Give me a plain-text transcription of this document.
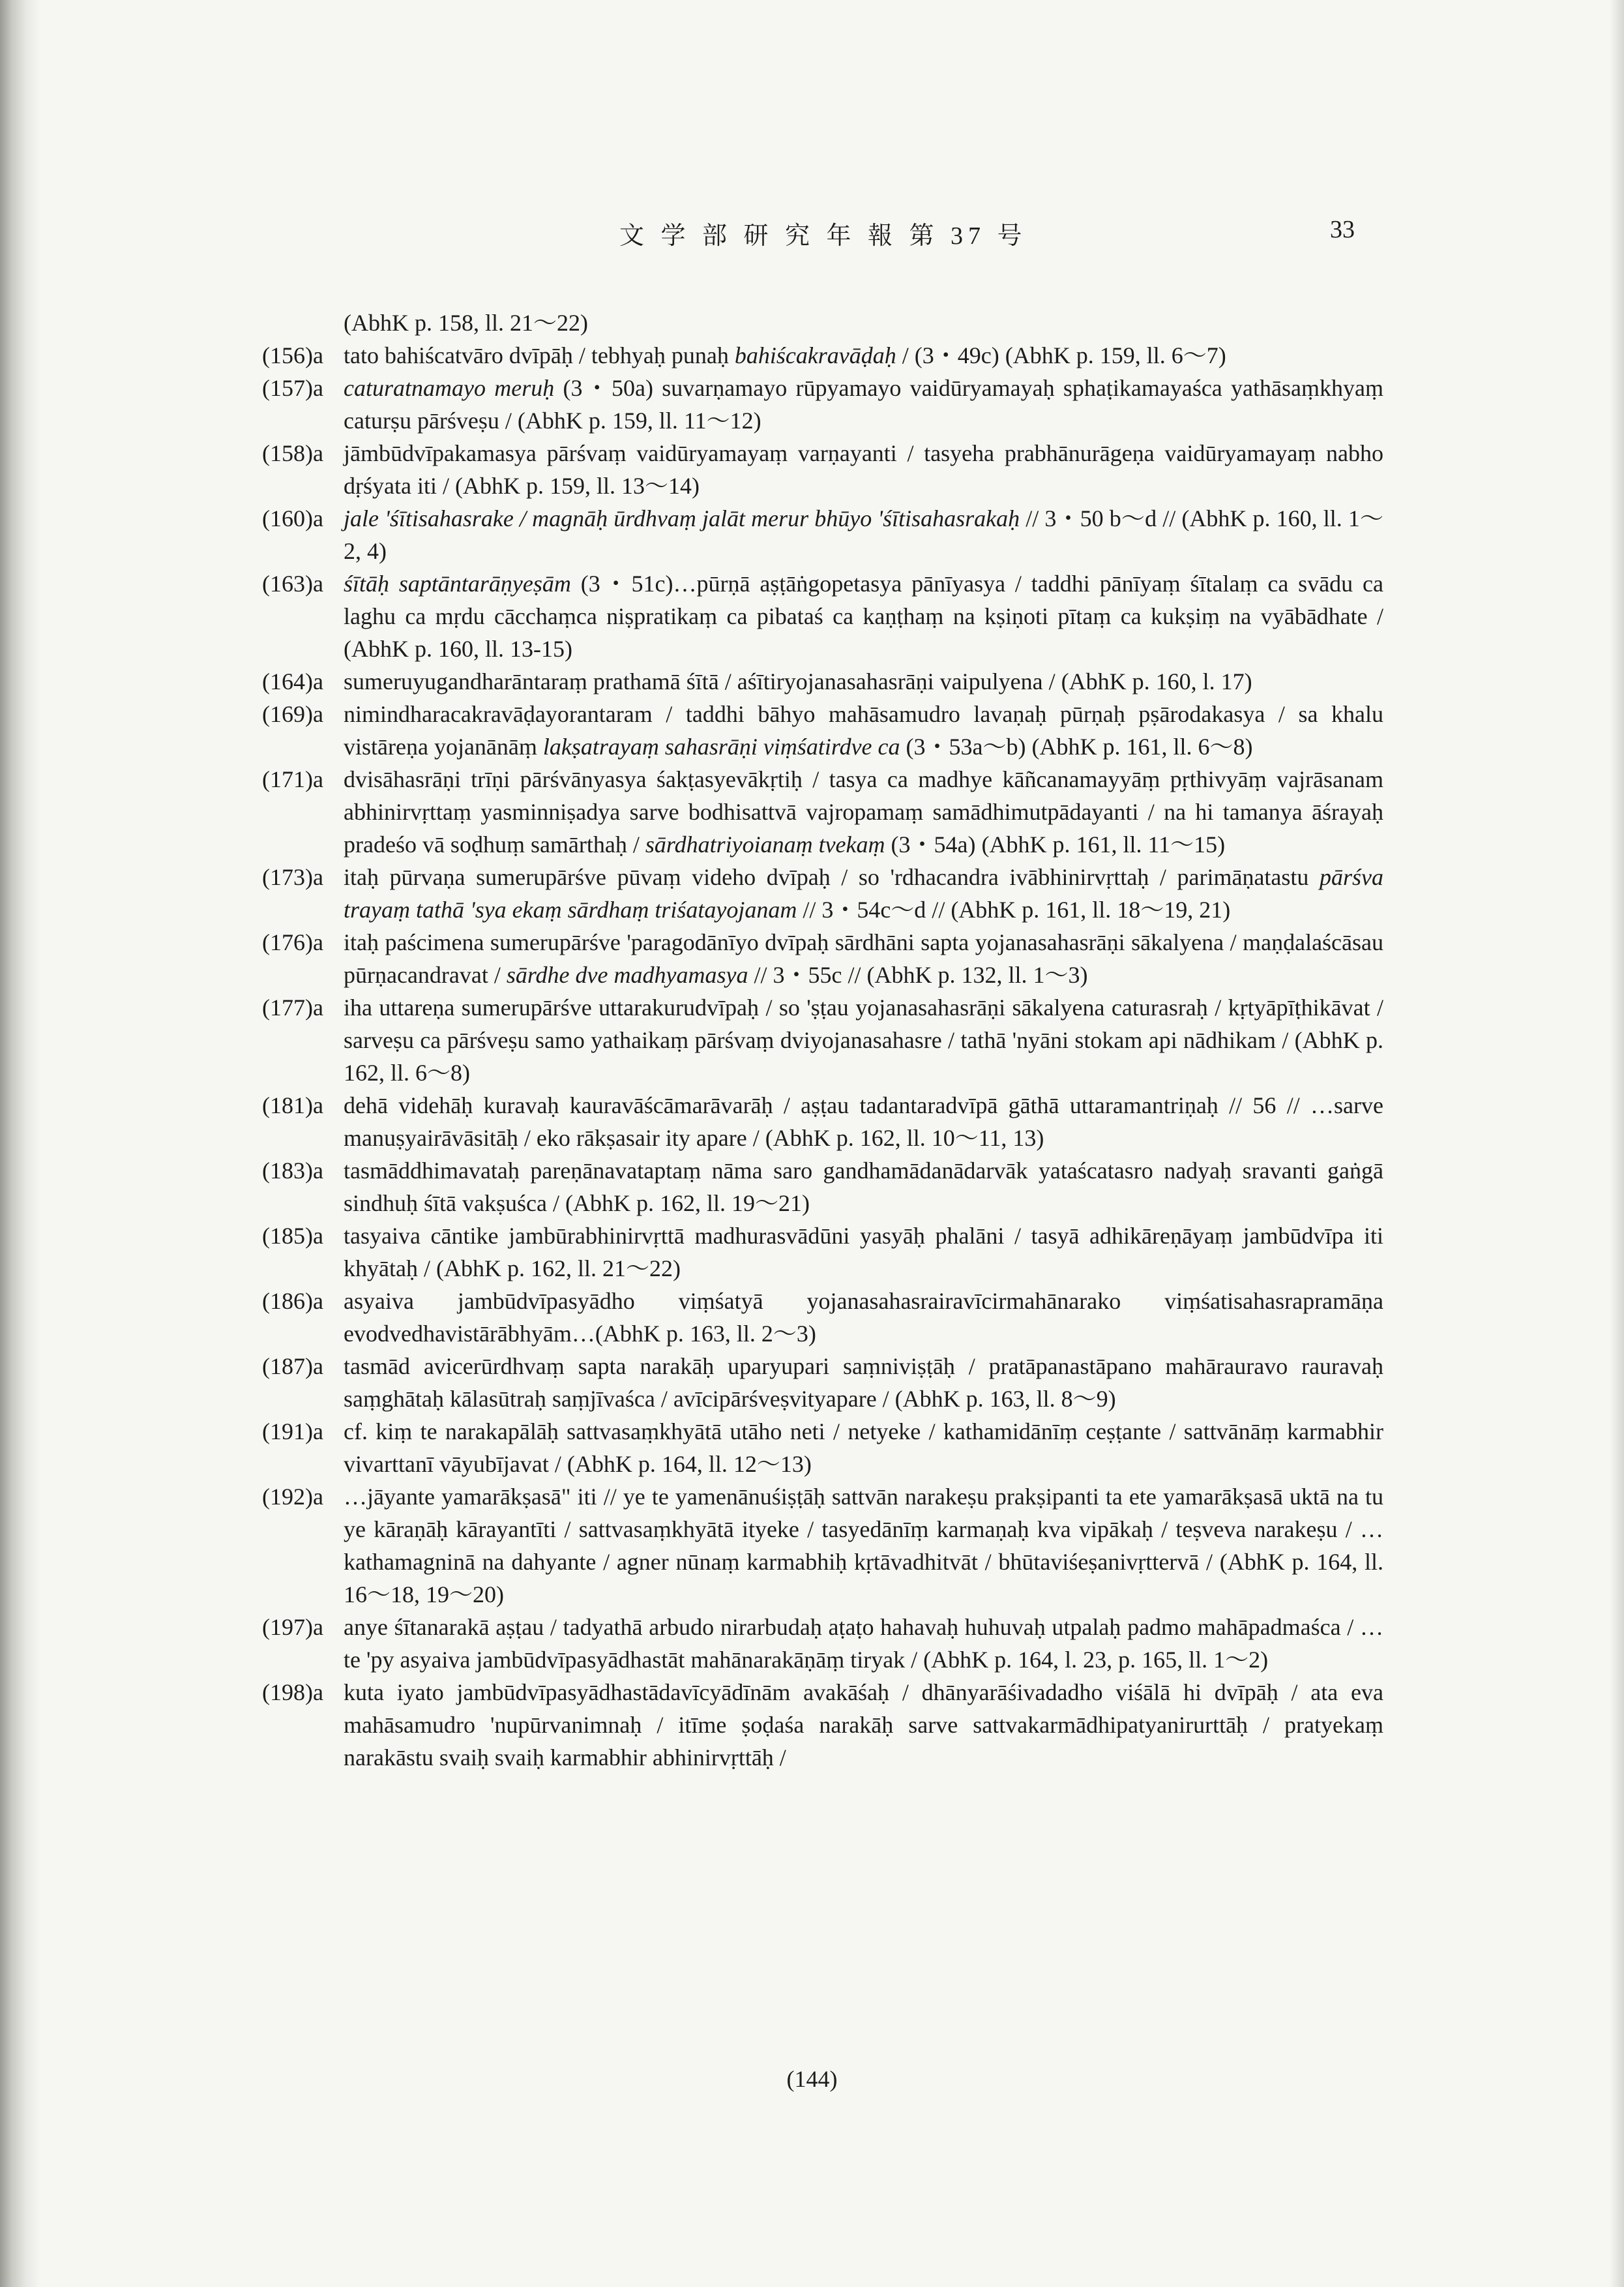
文 学 部 研 究 年 報 第 37 号	33
(AbhK p. 158, ll. 21～22)
(156)a tato bahiścatvāro dvīpāḥ / tebhyaḥ punaḥ bahiścakravāḍaḥ / (3・49c) (AbhK p. 159, ll. 6～7)
(157)a caturatnamayo meruḥ (3・50a) suvarṇamayo rūpyamayo vaidūryamayaḥ sphaṭikamayaśca yathāsaṃkhyaṃ caturṣu pārśveṣu / (AbhK p. 159, ll. 11～12)
(158)a jāmbūdvīpakamasya pārśvaṃ vaidūryamayaṃ varṇayanti / tasyeha prabhānurāgeṇa vaidūryamayaṃ nabho dṛśyata iti / (AbhK p. 159, ll. 13～14)
(160)a jale 'śītisahasrake / magnāḥ ūrdhvaṃ jalāt merur bhūyo 'śītisahasrakaḥ // 3・50 b～d // (AbhK p. 160, ll. 1～2, 4)
(163)a śītāḥ saptāntarāṇyeṣām (3・51c)…pūrṇā aṣṭāṅgopetasya pānīyasya / taddhi pānīyaṃ śītalaṃ ca svādu ca laghu ca mṛdu cācchaṃca niṣpratikaṃ ca pibataś ca kaṇṭhaṃ na kṣiṇoti pītaṃ ca kukṣiṃ na vyābādhate / (AbhK p. 160, ll. 13-15)
(164)a sumeruyugandharāntaraṃ prathamā śītā / aśītiryojanasahasrāṇi vaipulyena / (AbhK p. 160, l. 17)
(169)a nimindharacakravāḍayorantaram / taddhi bāhyo mahāsamudro lavaṇaḥ pūrṇaḥ pṣārodakasya / sa khalu vistāreṇa yojanānāṃ lakṣatrayaṃ sahasrāṇi viṃśatirdve ca (3・53a～b) (AbhK p. 161, ll. 6～8)
(171)a dvisāhasrāṇi trīṇi pārśvānyasya śakṭasyevākṛtiḥ / tasya ca madhye kāñcanamayyāṃ pṛthivyāṃ vajrāsanam abhinirvṛttaṃ yasminniṣadya sarve bodhisattvā vajropamaṃ samādhimutpādayanti / na hi tamanya āśrayaḥ pradeśo vā soḍhuṃ samārthaḥ / sārdhatriyoianaṃ tvekaṃ (3・54a) (AbhK p. 161, ll. 11～15)
(173)a itaḥ pūrvaṇa sumerupārśve pūvaṃ videho dvīpaḥ / so 'rdhacandra ivābhinirvṛttaḥ / parimāṇatastu pārśva trayaṃ tathā 'sya ekaṃ sārdhaṃ triśatayojanam // 3・54c～d // (AbhK p. 161, ll. 18～19, 21)
(176)a itaḥ paścimena sumerupārśve 'paragodānīyo dvīpaḥ sārdhāni sapta yojanasahasrāṇi sākalyena / maṇḍalaścāsau pūrṇacandravat / sārdhe dve madhyamasya // 3・55c // (AbhK p. 132, ll. 1～3)
(177)a iha uttareṇa sumerupārśve uttarakurudvīpaḥ / so 'ṣṭau yojanasahasrāṇi sākalyena caturasraḥ / kṛtyāpīṭhikāvat / sarveṣu ca pārśveṣu samo yathaikaṃ pārśvaṃ dviyojanasahasre / tathā 'nyāni stokam api nādhikam / (AbhK p. 162, ll. 6～8)
(181)a dehā videhāḥ kuravaḥ kauravāścāmarāvarāḥ / aṣṭau tadantaradvīpā gāthā uttaramantriṇaḥ // 56 // …sarve manuṣyairāvāsitāḥ / eko rākṣasair ity apare / (AbhK p. 162, ll. 10～11, 13)
(183)a tasmāddhimavataḥ pareṇānavataptaṃ nāma saro gandhamādanādarvāk yataścatasro nadyaḥ sravanti gaṅgā sindhuḥ śītā vakṣuśca / (AbhK p. 162, ll. 19～21)
(185)a tasyaiva cāntike jambūrabhinirvṛttā madhurasvādūni yasyāḥ phalāni / tasyā adhikāreṇāyaṃ jambūdvīpa iti khyātaḥ / (AbhK p. 162, ll. 21～22)
(186)a asyaiva jambūdvīpasyādho viṃśatyā yojanasahasrairavīcirmahānarako viṃśatisahasrapramāṇa evodvedhavistārābhyām…(AbhK p. 163, ll. 2～3)
(187)a tasmād avicerūrdhvaṃ sapta narakāḥ uparyupari saṃniviṣṭāḥ / pratāpanastāpano mahārauravo rauravaḥ saṃghātaḥ kālasūtraḥ saṃjīvaśca / avīcipārśveṣvityapare / (AbhK p. 163, ll. 8～9)
(191)a cf. kiṃ te narakapālāḥ sattvasaṃkhyātā utāho neti / netyeke / kathamidānīṃ ceṣṭante / sattvānāṃ karmabhir vivarttanī vāyubījavat / (AbhK p. 164, ll. 12～13)
(192)a …jāyante yamarākṣasā" iti // ye te yamenānuśiṣṭāḥ sattvān narakeṣu prakṣipanti ta ete yamarākṣasā uktā na tu ye kāraṇāḥ kārayantīti / sattvasaṃkhyātā ityeke / tasyedānīṃ karmaṇaḥ kva vipākaḥ / teṣveva narakeṣu / …kathamagninā na dahyante / agner nūnaṃ karmabhiḥ kṛtāvadhitvāt / bhūtaviśeṣanivṛttervā / (AbhK p. 164, ll. 16～18, 19～20)
(197)a anye śītanarakā aṣṭau / tadyathā arbudo nirarbudaḥ aṭaṭo hahavaḥ huhuvaḥ utpalaḥ padmo mahāpadmaśca / …te 'py asyaiva jambūdvīpasyādhastāt mahānarakāṇāṃ tiryak / (AbhK p. 164, l. 23, p. 165, ll. 1～2)
(198)a kuta iyato jambūdvīpasyādhastādavīcyādīnām avakāśaḥ / dhānyarāśivadadho viśālā hi dvīpāḥ / ata eva mahāsamudro 'nupūrvanimnaḥ / itīme ṣoḍaśa narakāḥ sarve sattvakarmādhipatyanirurttāḥ / pratyekaṃ narakāstu svaiḥ svaiḥ karmabhir abhinirvṛttāḥ /
(144)
